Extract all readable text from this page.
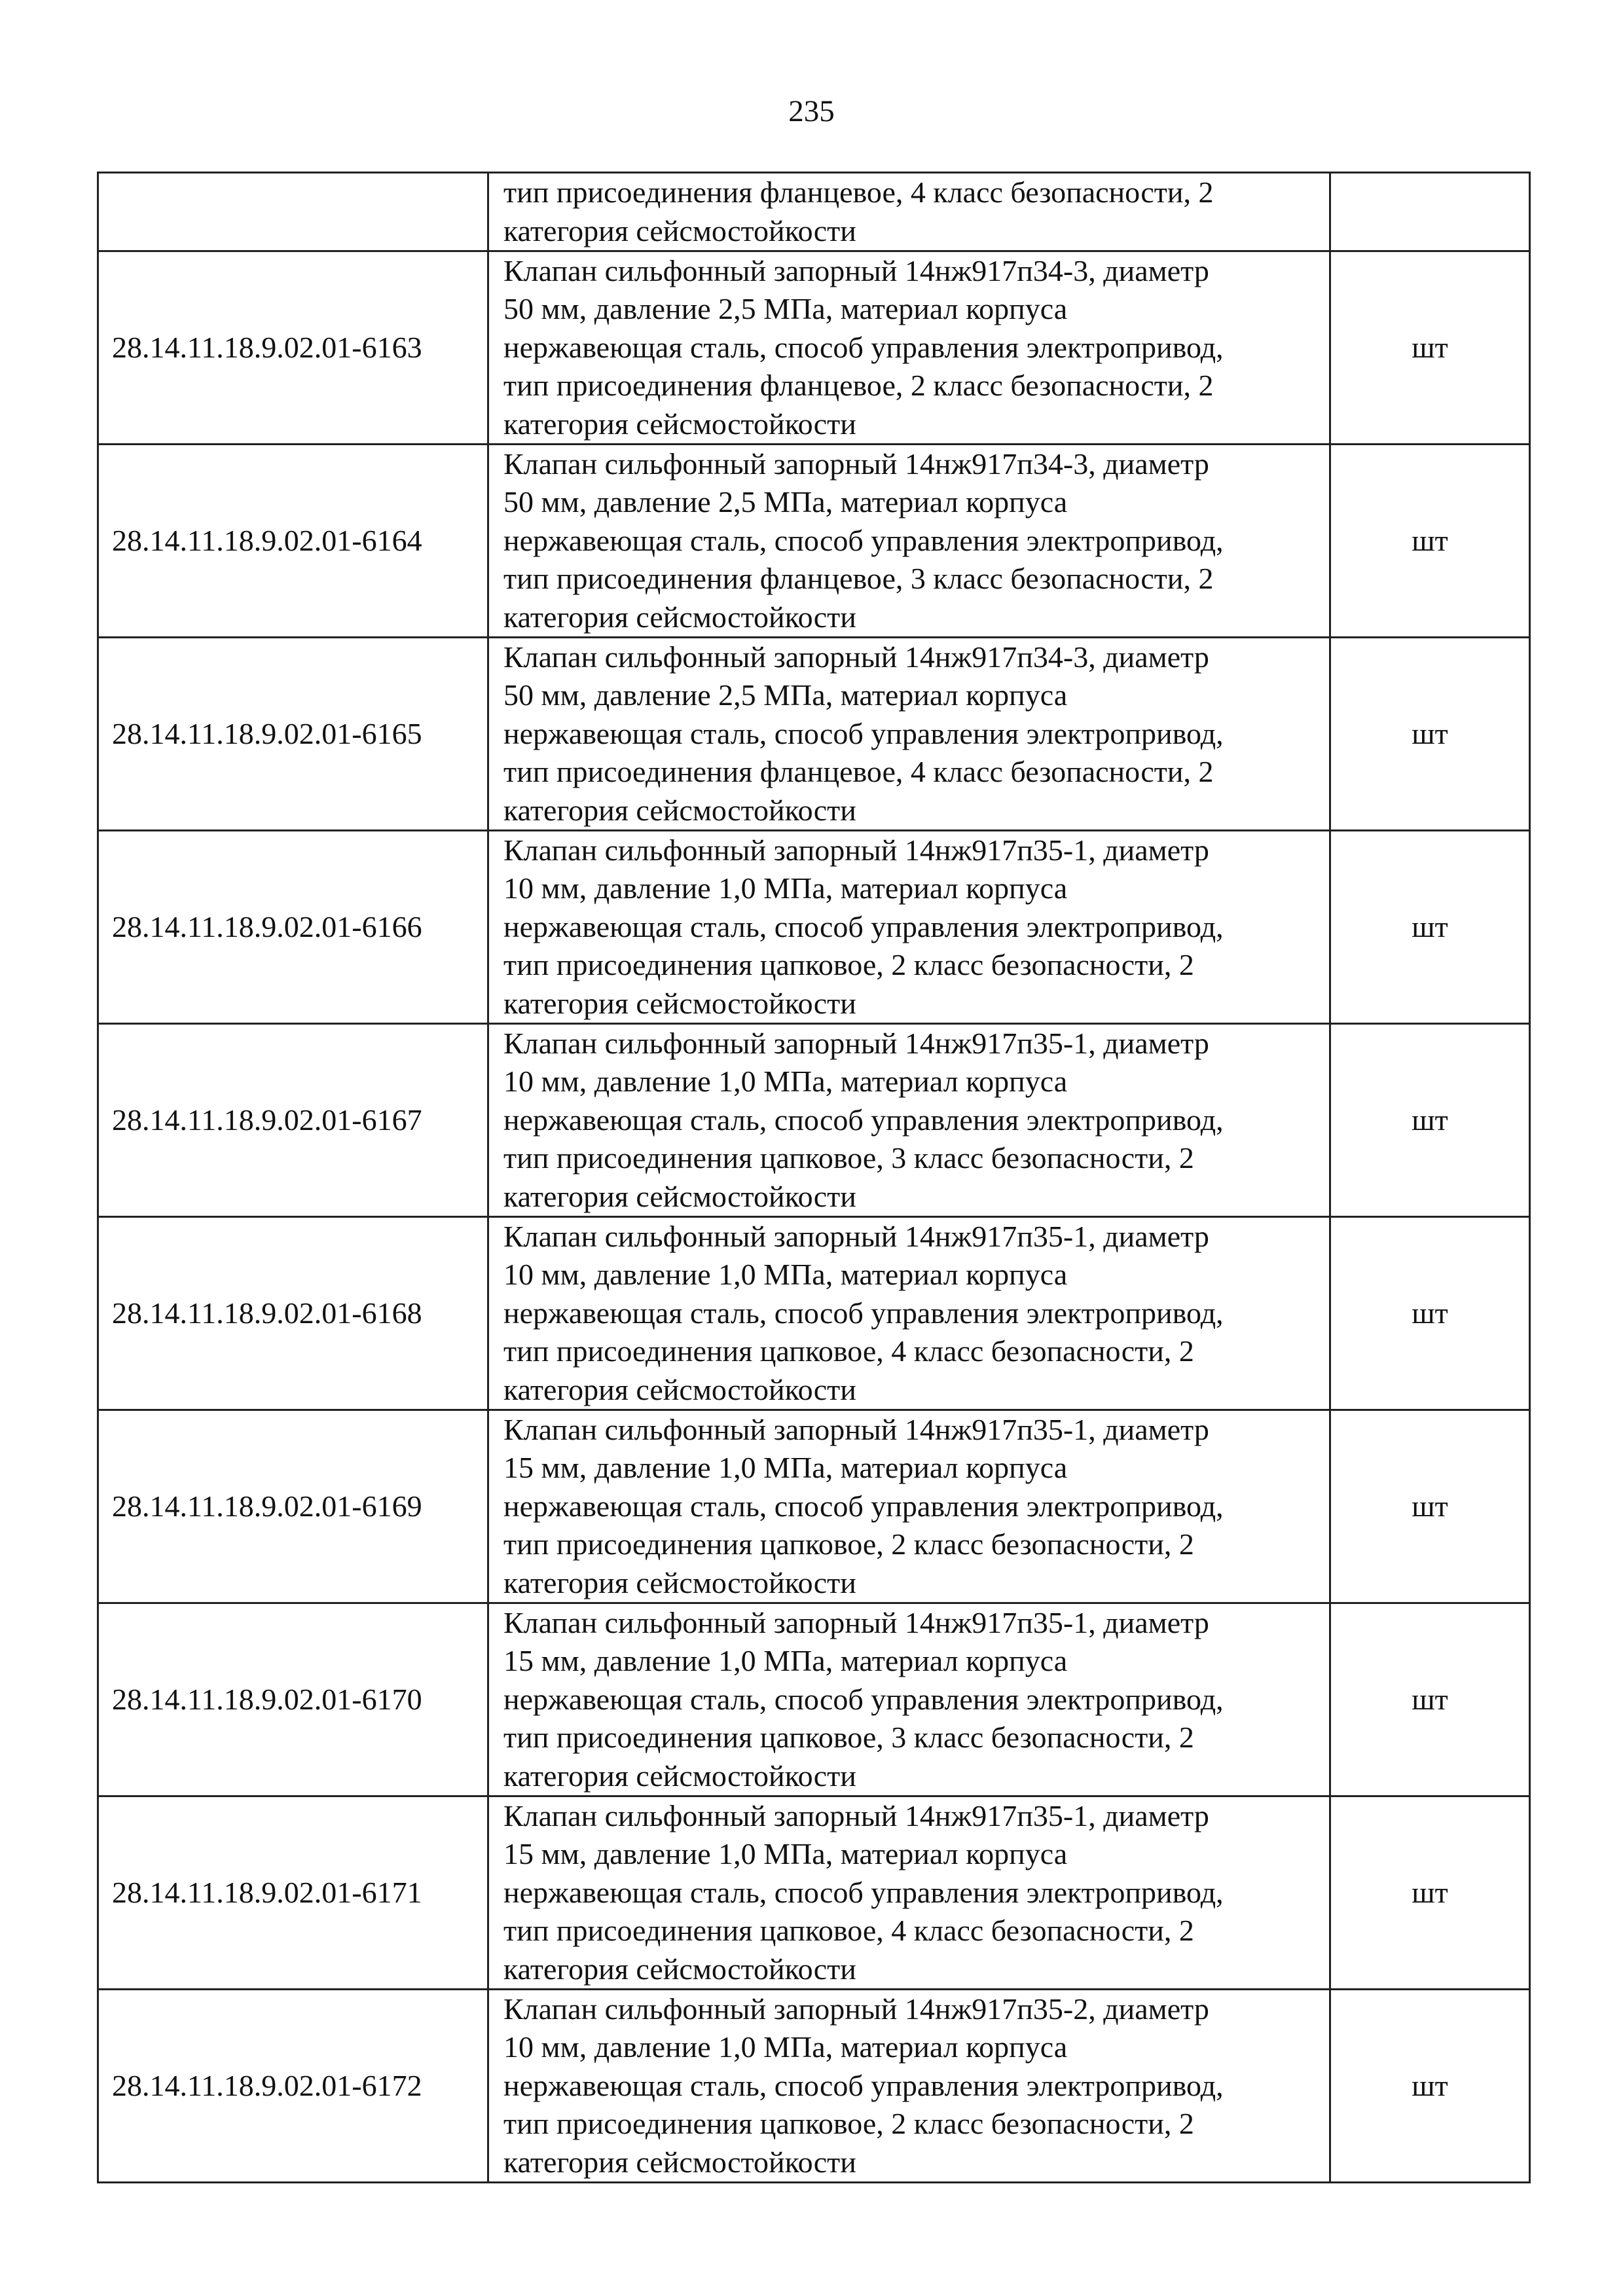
235

	тип присоединения фланцевое, 4 класс безопасности, 2
категория сейсмостойкости	

28.14.11.18.9.02.01-6163	Клапан сильфонный запорный 14нж917п34-3, диаметр
50 мм, давление 2,5 МПа, материал корпуса
нержавеющая сталь, способ управления электропривод,
тип присоединения фланцевое, 2 класс безопасности, 2
категория сейсмостойкости	шт
28.14.11.18.9.02.01-6164	Клапан сильфонный запорный 14нж917п34-3, диаметр
50 мм, давление 2,5 МПа, материал корпуса
нержавеющая сталь, способ управления электропривод,
тип присоединения фланцевое, 3 класс безопасности, 2
категория сейсмостойкости	шт
28.14.11.18.9.02.01-6165	Клапан сильфонный запорный 14нж917п34-3, диаметр
50 мм, давление 2,5 МПа, материал корпуса
нержавеющая сталь, способ управления электропривод,
тип присоединения фланцевое, 4 класс безопасности, 2
категория сейсмостойкости	шт
28.14.11.18.9.02.01-6166	Клапан сильфонный запорный 14нж917п35-1, диаметр
10 мм, давление 1,0 МПа, материал корпуса
нержавеющая сталь, способ управления электропривод,
тип присоединения цапковое, 2 класс безопасности, 2
категория сейсмостойкости	шт
28.14.11.18.9.02.01-6167	Клапан сильфонный запорный 14нж917п35-1, диаметр
10 мм, давление 1,0 МПа, материал корпуса
нержавеющая сталь, способ управления электропривод,
тип присоединения цапковое, 3 класс безопасности, 2
категория сейсмостойкости	шт
28.14.11.18.9.02.01-6168	Клапан сильфонный запорный 14нж917п35-1, диаметр
10 мм, давление 1,0 МПа, материал корпуса
нержавеющая сталь, способ управления электропривод,
тип присоединения цапковое, 4 класс безопасности, 2
категория сейсмостойкости	шт
28.14.11.18.9.02.01-6169	Клапан сильфонный запорный 14нж917п35-1, диаметр
15 мм, давление 1,0 МПа, материал корпуса
нержавеющая сталь, способ управления электропривод,
тип присоединения цапковое, 2 класс безопасности, 2
категория сейсмостойкости	шт
28.14.11.18.9.02.01-6170	Клапан сильфонный запорный 14нж917п35-1, диаметр
15 мм, давление 1,0 МПа, материал корпуса
нержавеющая сталь, способ управления электропривод,
тип присоединения цапковое, 3 класс безопасности, 2
категория сейсмостойкости	шт
28.14.11.18.9.02.01-6171	Клапан сильфонный запорный 14нж917п35-1, диаметр
15 мм, давление 1,0 МПа, материал корпуса
нержавеющая сталь, способ управления электропривод,
тип присоединения цапковое, 4 класс безопасности, 2
категория сейсмостойкости	шт
28.14.11.18.9.02.01-6172	Клапан сильфонный запорный 14нж917п35-2, диаметр
10 мм, давление 1,0 МПа, материал корпуса
нержавеющая сталь, способ управления электропривод,
тип присоединения цапковое, 2 класс безопасности, 2
категория сейсмостойкости	шт
